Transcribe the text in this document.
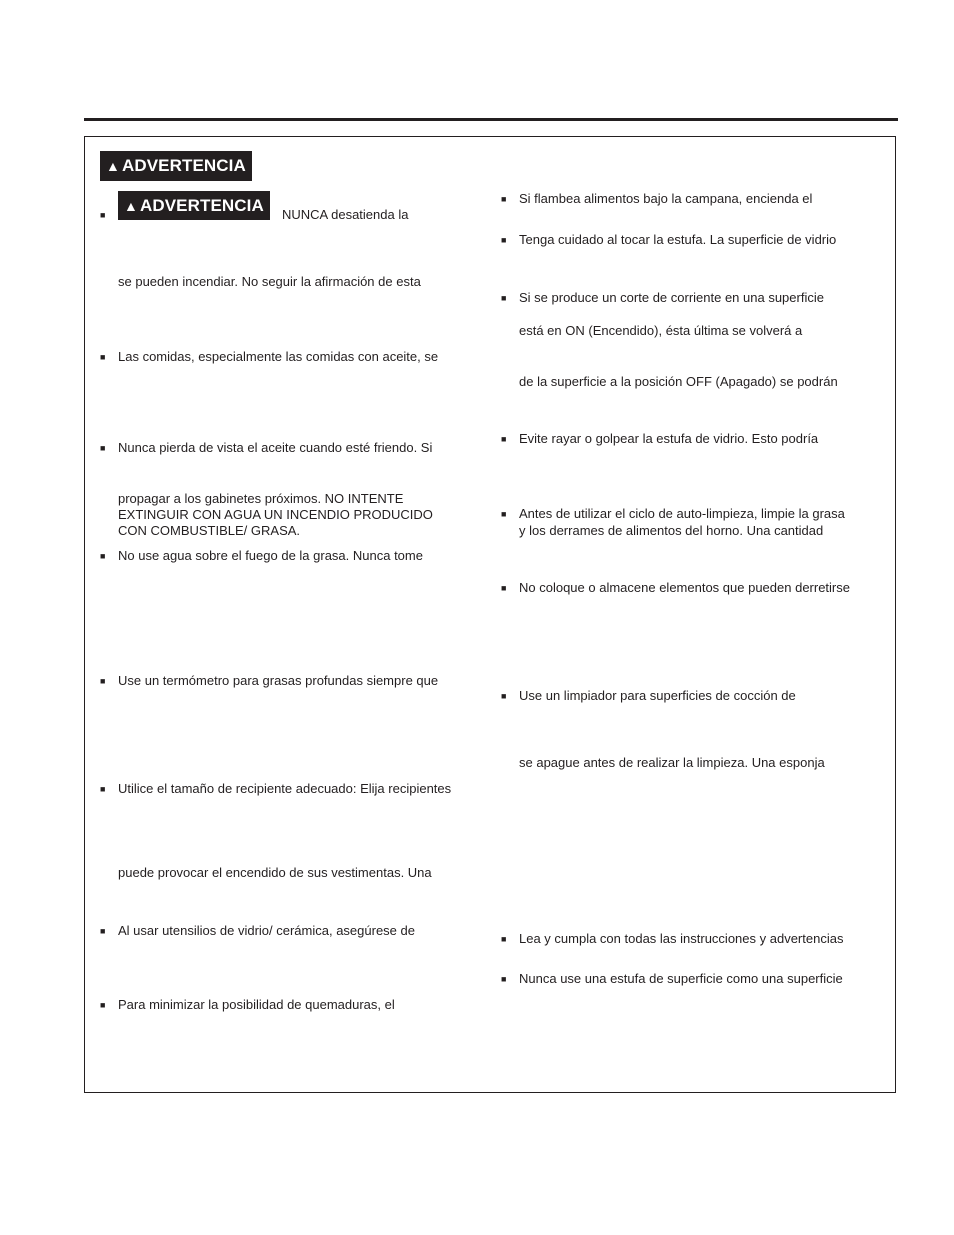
▲ ADVERTENCIA
▲ ADVERTENCIA
■	NUNCA desatienda la
se pueden incendiar. No seguir la afirmación de esta
■ Las comidas, especialmente las comidas con aceite, se
■ Nunca pierda de vista el aceite cuando esté friendo. Si
propagar a los gabinetes próximos. NO INTENTE
EXTINGUIR CON AGUA UN INCENDIO PRODUCIDO
CON COMBUSTIBLE/ GRASA.
■ No use agua sobre el fuego de la grasa. Nunca tome
■ Use un termómetro para grasas profundas siempre que
■ Utilice el tamaño de recipiente adecuado: Elija recipientes
puede provocar el encendido de sus vestimentas. Una
■ Al usar utensilios de vidrio/ cerámica, asegúrese de
■ Para minimizar la posibilidad de quemaduras, el
■ Si flambea alimentos bajo la campana, encienda el
■ Tenga cuidado al tocar la estufa. La superficie de vidrio
■ Si se produce un corte de corriente en una superficie
está en ON (Encendido), ésta última se volverá a
de la superficie a la posición OFF (Apagado) se podrán
■ Evite rayar o golpear la estufa de vidrio. Esto podría
■ Antes de utilizar el ciclo de auto-limpieza, limpie la grasa
y los derrames de alimentos del horno. Una cantidad
■ No coloque o almacene elementos que pueden derretirse
■ Use un limpiador para superficies de cocción de
se apague antes de realizar la limpieza. Una esponja
■ Lea y cumpla con todas las instrucciones y advertencias
■ Nunca use una estufa de superficie como una superficie
